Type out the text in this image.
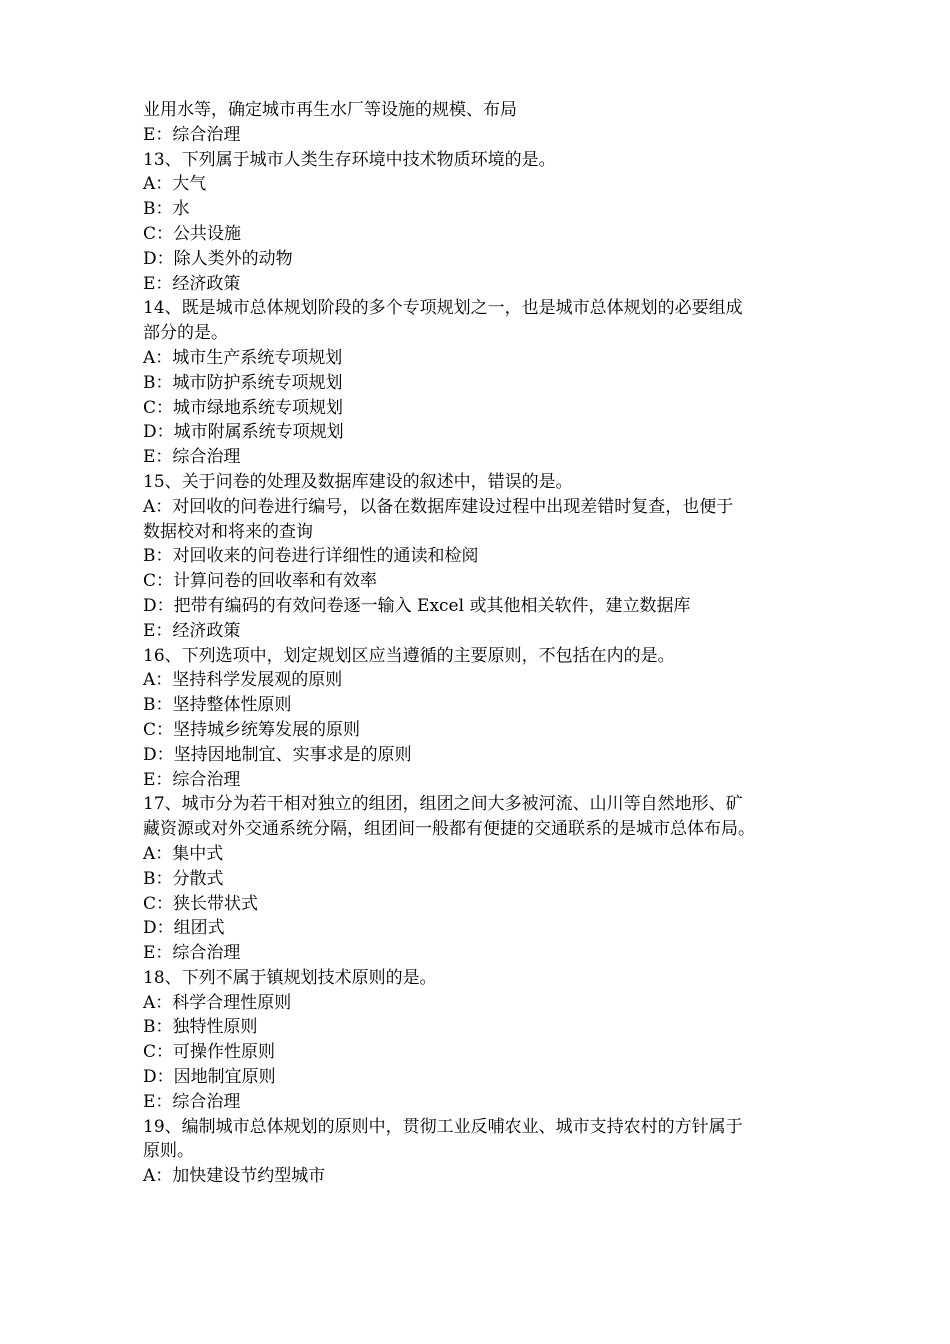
业用水等，确定城市再生水厂等设施的规模、布局
E：综合治理
13、下列属于城市人类生存环境中技术物质环境的是。
A：大气
B：水
C：公共设施
D：除人类外的动物
E：经济政策
14、既是城市总体规划阶段的多个专项规划之一，也是城市总体规划的必要组成
部分的是。
A：城市生产系统专项规划
B：城市防护系统专项规划
C：城市绿地系统专项规划
D：城市附属系统专项规划
E：综合治理
15、关于问卷的处理及数据库建设的叙述中，错误的是。
A：对回收的问卷进行编号，以备在数据库建设过程中出现差错时复查，也便于
数据校对和将来的查询
B：对回收来的问卷进行详细性的通读和检阅
C：计算问卷的回收率和有效率
D：把带有编码的有效问卷逐一输入 Excel 或其他相关软件，建立数据库
E：经济政策
16、下列选项中，划定规划区应当遵循的主要原则，不包括在内的是。
A：坚持科学发展观的原则
B：坚持整体性原则
C：坚持城乡统筹发展的原则
D：坚持因地制宜、实事求是的原则
E：综合治理
17、城市分为若干相对独立的组团，组团之间大多被河流、山川等自然地形、矿
藏资源或对外交通系统分隔，组团间一般都有便捷的交通联系的是城市总体布局。
A：集中式
B：分散式
C：狭长带状式
D：组团式
E：综合治理
18、下列不属于镇规划技术原则的是。
A：科学合理性原则
B：独特性原则
C：可操作性原则
D：因地制宜原则
E：综合治理
19、编制城市总体规划的原则中，贯彻工业反哺农业、城市支持农村的方针属于
原则。
A：加快建设节约型城市
